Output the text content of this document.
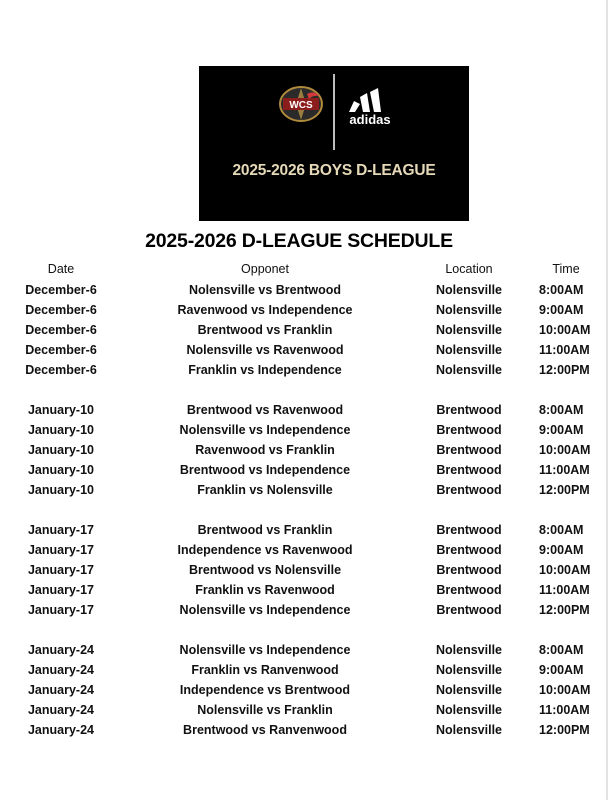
WCS
adidas
2025-2026 BOYS D-LEAGUE
2025-2026 D-LEAGUE SCHEDULE
Date	Opponet	Location	Time
December-6	Nolensville vs Brentwood	Nolensville	8:00AM
December-6	Ravenwood vs Independence	Nolensville	9:00AM
December-6	Brentwood vs Franklin	Nolensville	10:00AM
December-6	Nolensville vs Ravenwood	Nolensville	11:00AM
December-6	Franklin vs Independence	Nolensville	12:00PM
January-10	Brentwood vs Ravenwood	Brentwood	8:00AM
January-10	Nolensville vs Independence	Brentwood	9:00AM
January-10	Ravenwood vs Franklin	Brentwood	10:00AM
January-10	Brentwood vs Independence	Brentwood	11:00AM
January-10	Franklin vs Nolensville	Brentwood	12:00PM
January-17	Brentwood vs Franklin	Brentwood	8:00AM
January-17	Independence vs Ravenwood	Brentwood	9:00AM
January-17	Brentwood vs Nolensville	Brentwood	10:00AM
January-17	Franklin vs Ravenwood	Brentwood	11:00AM
January-17	Nolensville vs Independence	Brentwood	12:00PM
January-24	Nolensville vs Independence	Nolensville	8:00AM
January-24	Franklin vs Ranvenwood	Nolensville	9:00AM
January-24	Independence vs Brentwood	Nolensville	10:00AM
January-24	Nolensville vs Franklin	Nolensville	11:00AM
January-24	Brentwood vs Ranvenwood	Nolensville	12:00PM
